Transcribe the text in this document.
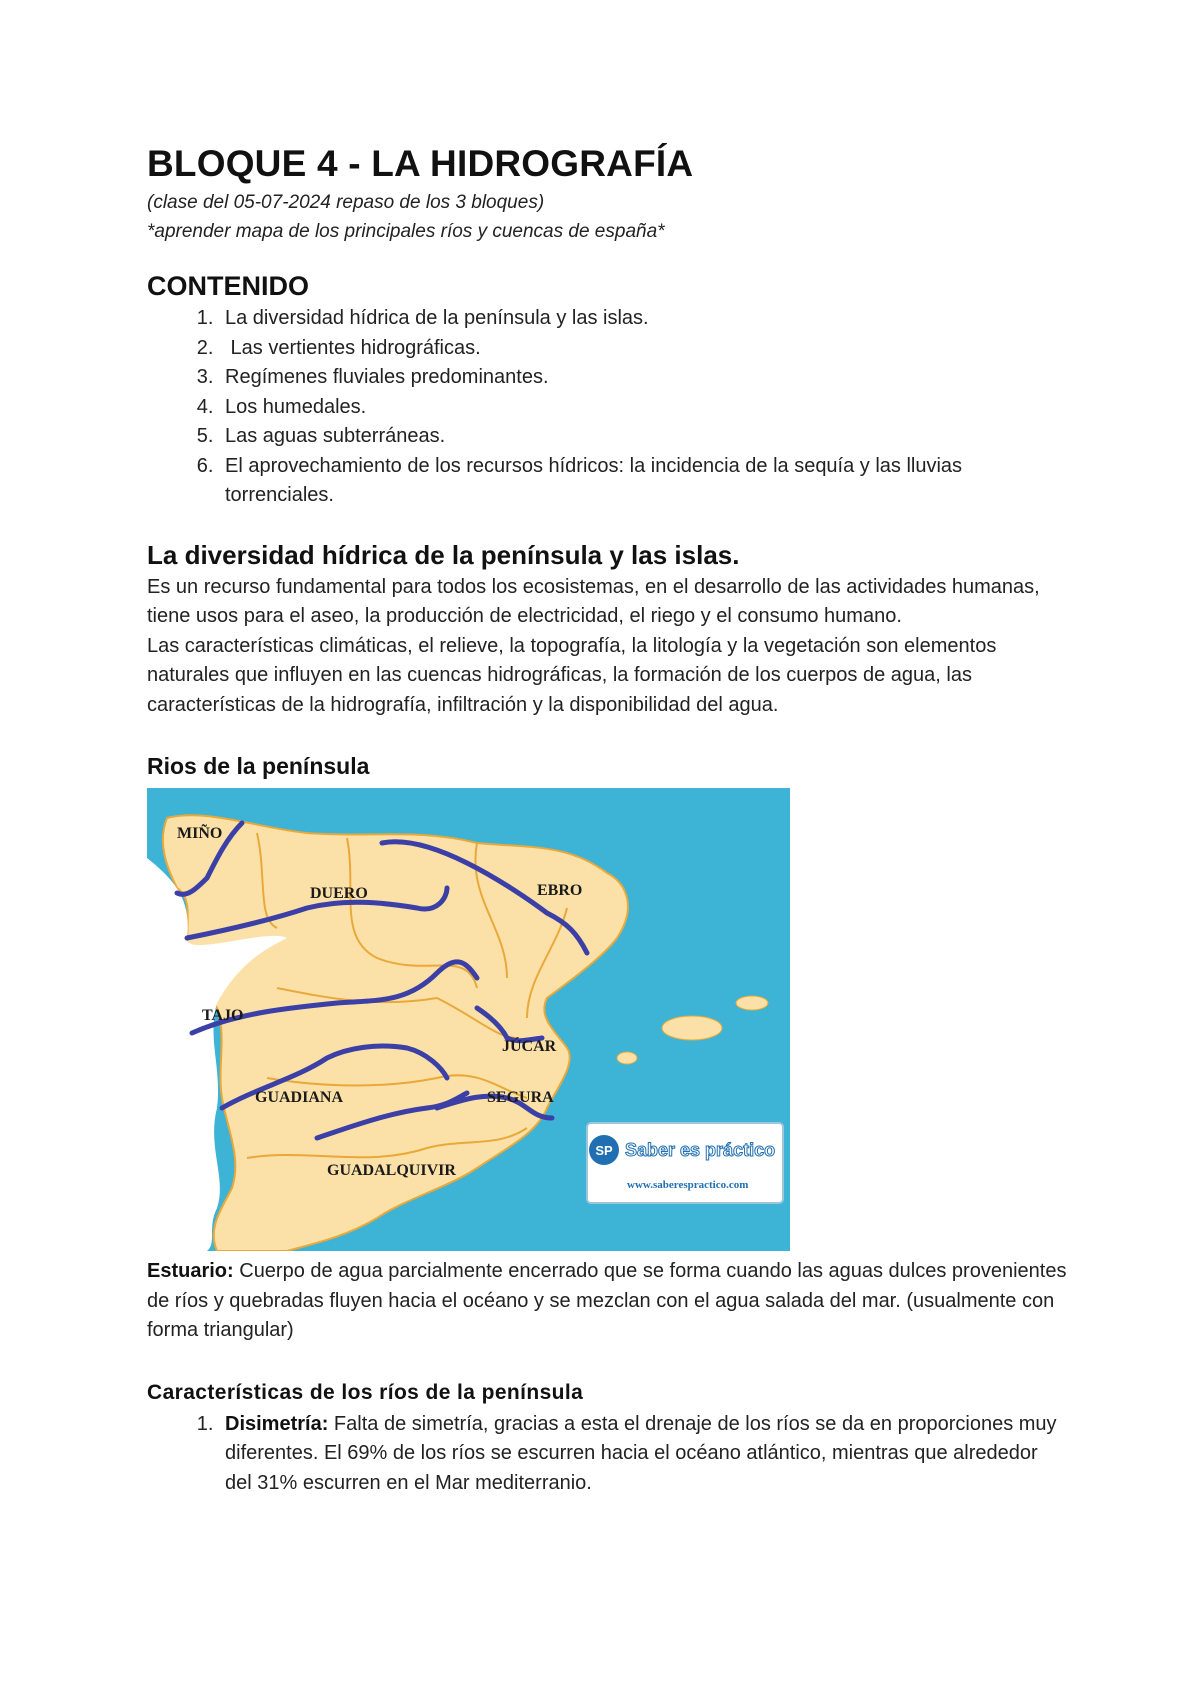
BLOQUE 4 - LA HIDROGRAFÍA
(clase del 05-07-2024 repaso de los 3 bloques)
*aprender mapa de los principales ríos y cuencas de españa*
CONTENIDO
1. La diversidad hídrica de la península y las islas.
2.  Las vertientes hidrográficas.
3. Regímenes fluviales predominantes.
4. Los humedales.
5. Las aguas subterráneas.
6. El aprovechamiento de los recursos hídricos: la incidencia de la sequía y las lluvias torrenciales.
La diversidad hídrica de la península y las islas.

Es un recurso fundamental para todos los ecosistemas, en el desarrollo de las actividades humanas, tiene usos para el aseo, la producción de electricidad, el riego y el consumo humano.

Las características climáticas, el relieve, la topografía, la litología y la vegetación son elementos naturales que influyen en las cuencas hidrográficas, la formación de los cuerpos de agua, las características de la hidrografía, infiltración y la disponibilidad del agua.

Rios de la península
MIÑO
DUERO	EBRO
TAJO
JÚCAR
GUADIANA	SEGURA
GUADALQUIVIR
SP Saber es práctico
www.saberespractico.com

Estuario: Cuerpo de agua parcialmente encerrado que se forma cuando las aguas dulces provenientes de ríos y quebradas fluyen hacia el océano y se mezclan con el agua salada del mar. (usualmente con forma triangular)

Características de los ríos de la península
1. Disimetría: Falta de simetría, gracias a esta el drenaje de los ríos se da en proporciones muy diferentes. El 69% de los ríos se escurren hacia el océano atlántico, mientras que alrededor del 31% escurren en el Mar mediterranio.
